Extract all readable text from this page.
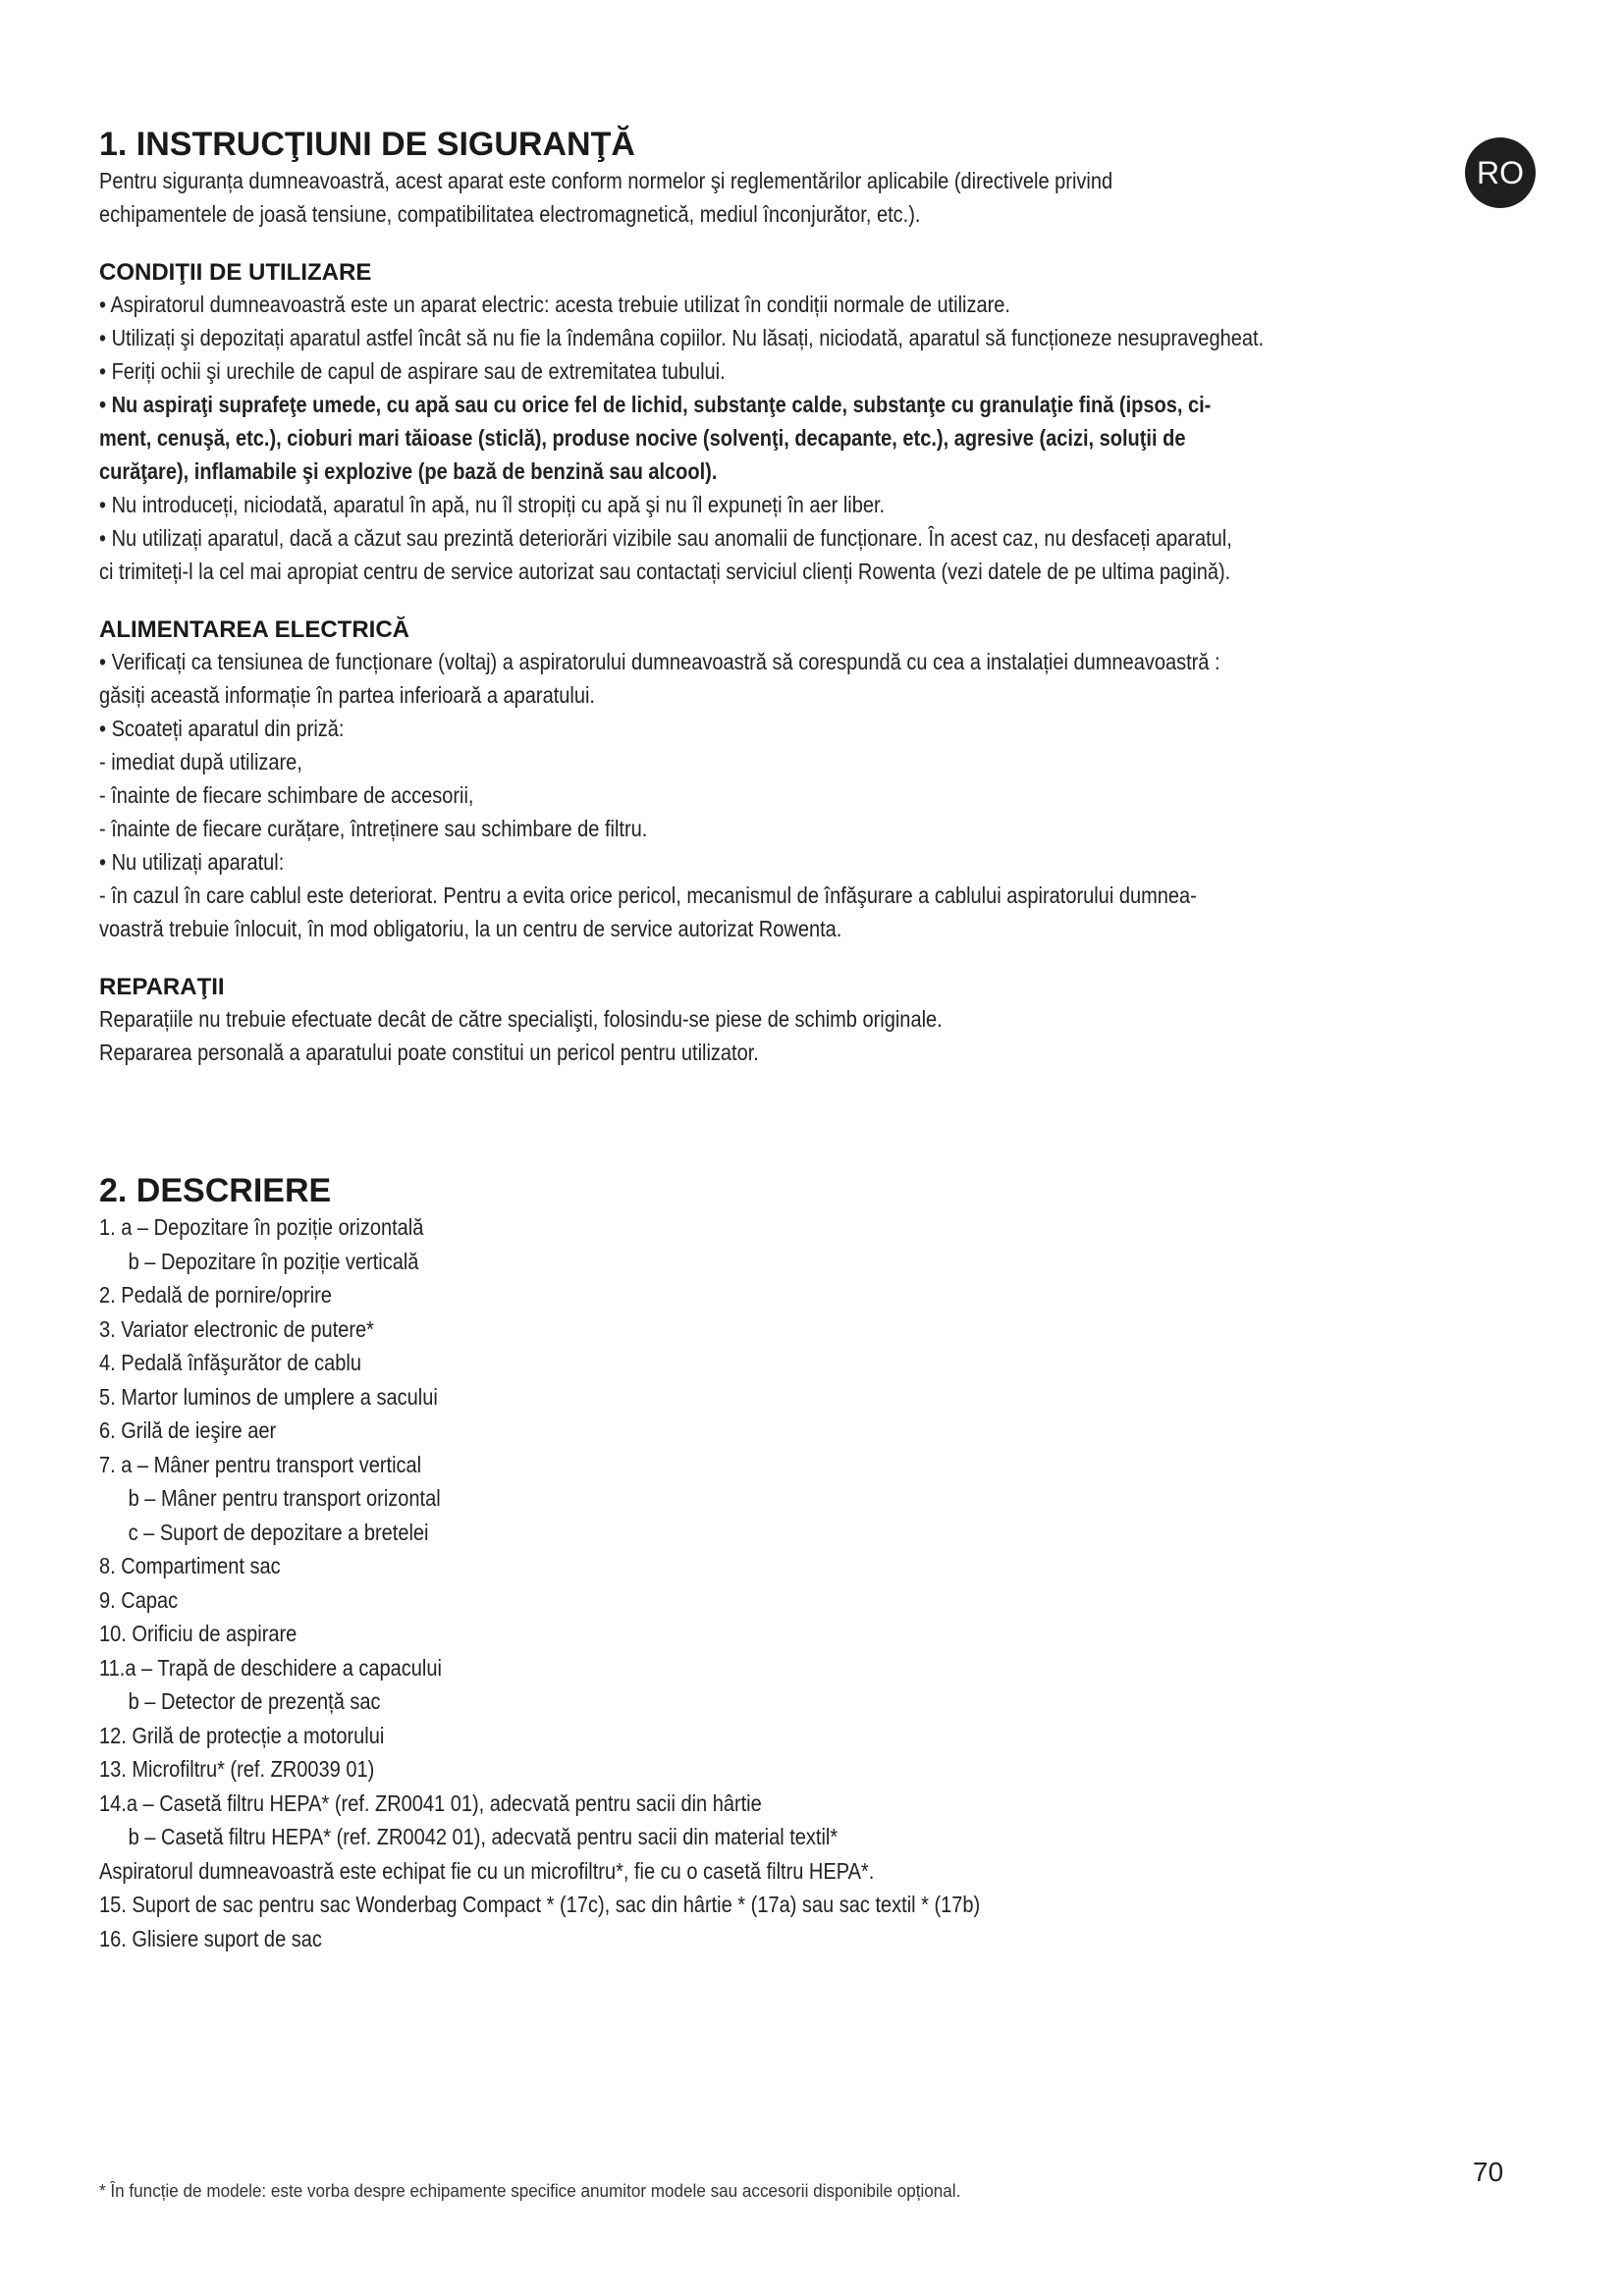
RO
1. INSTRUCŢIUNI DE SIGURANŢĂ

Pentru siguranța dumneavoastră, acest aparat este conform normelor şi reglementărilor aplicabile (directivele privind

echipamentele de joasă tensiune, compatibilitatea electromagnetică, mediul înconjurător, etc.).

CONDIŢII DE UTILIZARE

• Aspiratorul dumneavoastră este un aparat electric: acesta trebuie utilizat în condiții normale de utilizare.

• Utilizați şi depozitați aparatul astfel încât să nu fie la îndemâna copiilor. Nu lăsați, niciodată, aparatul să funcționeze nesupravegheat.

• Feriți ochii şi urechile de capul de aspirare sau de extremitatea tubului.

• Nu aspiraţi suprafeţe umede, cu apă sau cu orice fel de lichid, substanţe calde, substanţe cu granulaţie fină (ipsos, ci-

ment, cenuşă, etc.), cioburi mari tăioase (sticlă), produse nocive (solvenţi, decapante, etc.), agresive (acizi, soluţii de

curăţare), inflamabile şi explozive (pe bază de benzină sau alcool).

• Nu introduceți, niciodată, aparatul în apă, nu îl stropiți cu apă şi nu îl expuneți în aer liber.

• Nu utilizați aparatul, dacă a căzut sau prezintă deteriorări vizibile sau anomalii de funcționare. În acest caz, nu desfaceți aparatul,

ci trimiteți-l la cel mai apropiat centru de service autorizat sau contactați serviciul clienți Rowenta (vezi datele de pe ultima pagină).

ALIMENTAREA ELECTRICĂ

• Verificați ca tensiunea de funcționare (voltaj) a aspiratorului dumneavoastră să corespundă cu cea a instalației dumneavoastră :

găsiți această informație în partea inferioară a aparatului.

• Scoateți aparatul din priză:

- imediat după utilizare,

- înainte de fiecare schimbare de accesorii,

- înainte de fiecare curățare, întreținere sau schimbare de filtru.

• Nu utilizați aparatul:

- în cazul în care cablul este deteriorat. Pentru a evita orice pericol, mecanismul de înfăşurare a cablului aspiratorului dumnea-

voastră trebuie înlocuit, în mod obligatoriu, la un centru de service autorizat Rowenta.

REPARAŢII

Reparațiile nu trebuie efectuate decât de către specialişti, folosindu-se piese de schimb originale.

Repararea personală a aparatului poate constitui un pericol pentru utilizator.

2. DESCRIERE

1. a – Depozitare în poziție orizontală

b – Depozitare în poziție verticală

2. Pedală de pornire/oprire

3. Variator electronic de putere*

4. Pedală înfăşurător de cablu

5. Martor luminos de umplere a sacului

6. Grilă de ieşire aer

7. a – Mâner pentru transport vertical

b – Mâner pentru transport orizontal

c – Suport de depozitare a bretelei

8. Compartiment sac

9. Capac

10. Orificiu de aspirare

11.a – Trapă de deschidere a capacului

b – Detector de prezență sac

12. Grilă de protecție a motorului

13. Microfiltru* (ref. ZR0039 01)

14.a – Casetă filtru HEPA* (ref. ZR0041 01), adecvată pentru sacii din hârtie

b – Casetă filtru HEPA* (ref. ZR0042 01), adecvată pentru sacii din material textil*

Aspiratorul dumneavoastră este echipat fie cu un microfiltru*, fie cu o casetă filtru HEPA*.

15. Suport de sac pentru sac Wonderbag Compact * (17c), sac din hârtie * (17a) sau sac textil * (17b)

16. Glisiere suport de sac

70
* În funcție de modele: este vorba despre echipamente specifice anumitor modele sau accesorii disponibile opțional.
